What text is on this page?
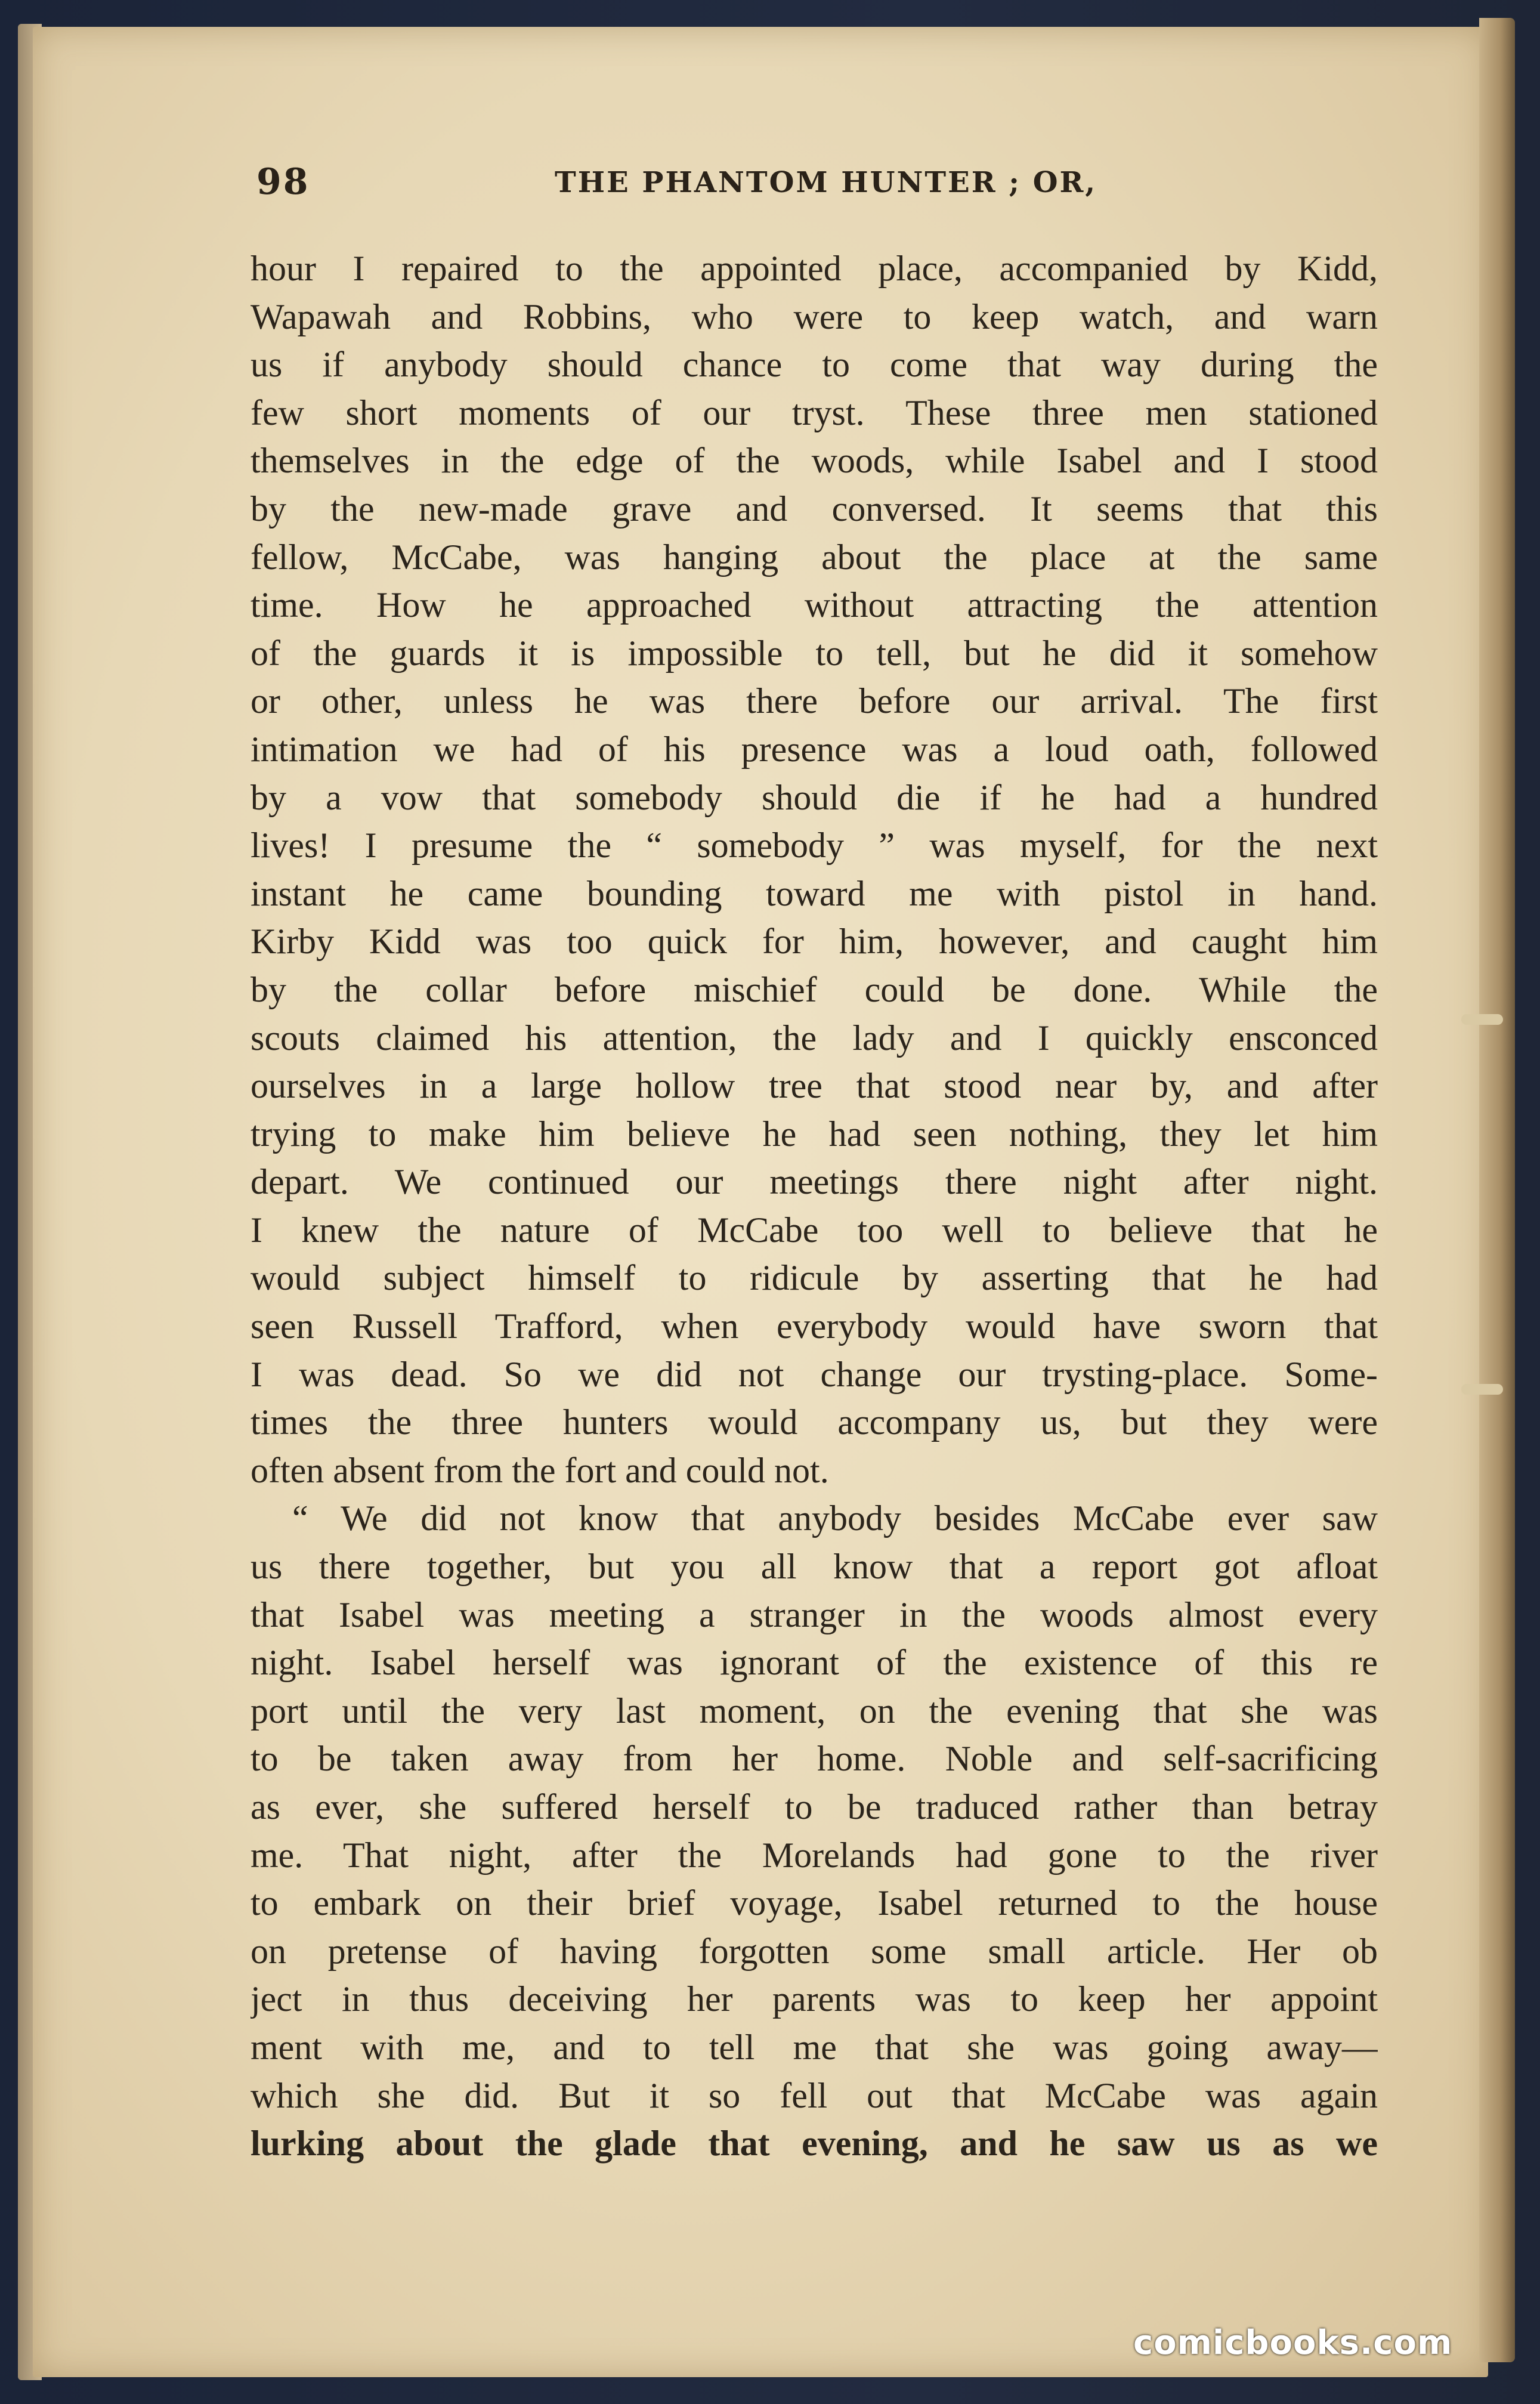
98	THE PHANTOM HUNTER ; OR,
hour I repaired to the appointed place, accompanied by Kidd,
Wapawah and Robbins, who were to keep watch, and warn
us if anybody should chance to come that way during the
few short moments of our tryst. These three men stationed
themselves in the edge of the woods, while Isabel and I stood
by the new-made grave and conversed. It seems that this
fellow, McCabe, was hanging about the place at the same
time. How he approached without attracting the attention
of the guards it is impossible to tell, but he did it somehow
or other, unless he was there before our arrival. The first
intimation we had of his presence was a loud oath, followed
by a vow that somebody should die if he had a hundred
lives! I presume the “ somebody ” was myself, for the next
instant he came bounding toward me with pistol in hand.
Kirby Kidd was too quick for him, however, and caught him
by the collar before mischief could be done. While the
scouts claimed his attention, the lady and I quickly ensconced
ourselves in a large hollow tree that stood near by, and after
trying to make him believe he had seen nothing, they let him
depart. We continued our meetings there night after night.
I knew the nature of McCabe too well to believe that he
would subject himself to ridicule by asserting that he had
seen Russell Trafford, when everybody would have sworn that
I was dead. So we did not change our trysting-place. Some-
times the three hunters would accompany us, but they were
often absent from the fort and could not.
“ We did not know that anybody besides McCabe ever saw
us there together, but you all know that a report got afloat
that Isabel was meeting a stranger in the woods almost every
night. Isabel herself was ignorant of the existence of this re
port until the very last moment, on the evening that she was
to be taken away from her home. Noble and self-sacrificing
as ever, she suffered herself to be traduced rather than betray
me. That night, after the Morelands had gone to the river
to embark on their brief voyage, Isabel returned to the house
on pretense of having forgotten some small article. Her ob
ject in thus deceiving her parents was to keep her appoint
ment with me, and to tell me that she was going away—
which she did. But it so fell out that McCabe was again
lurking about the glade that evening, and he saw us as we
comicbooks.com
